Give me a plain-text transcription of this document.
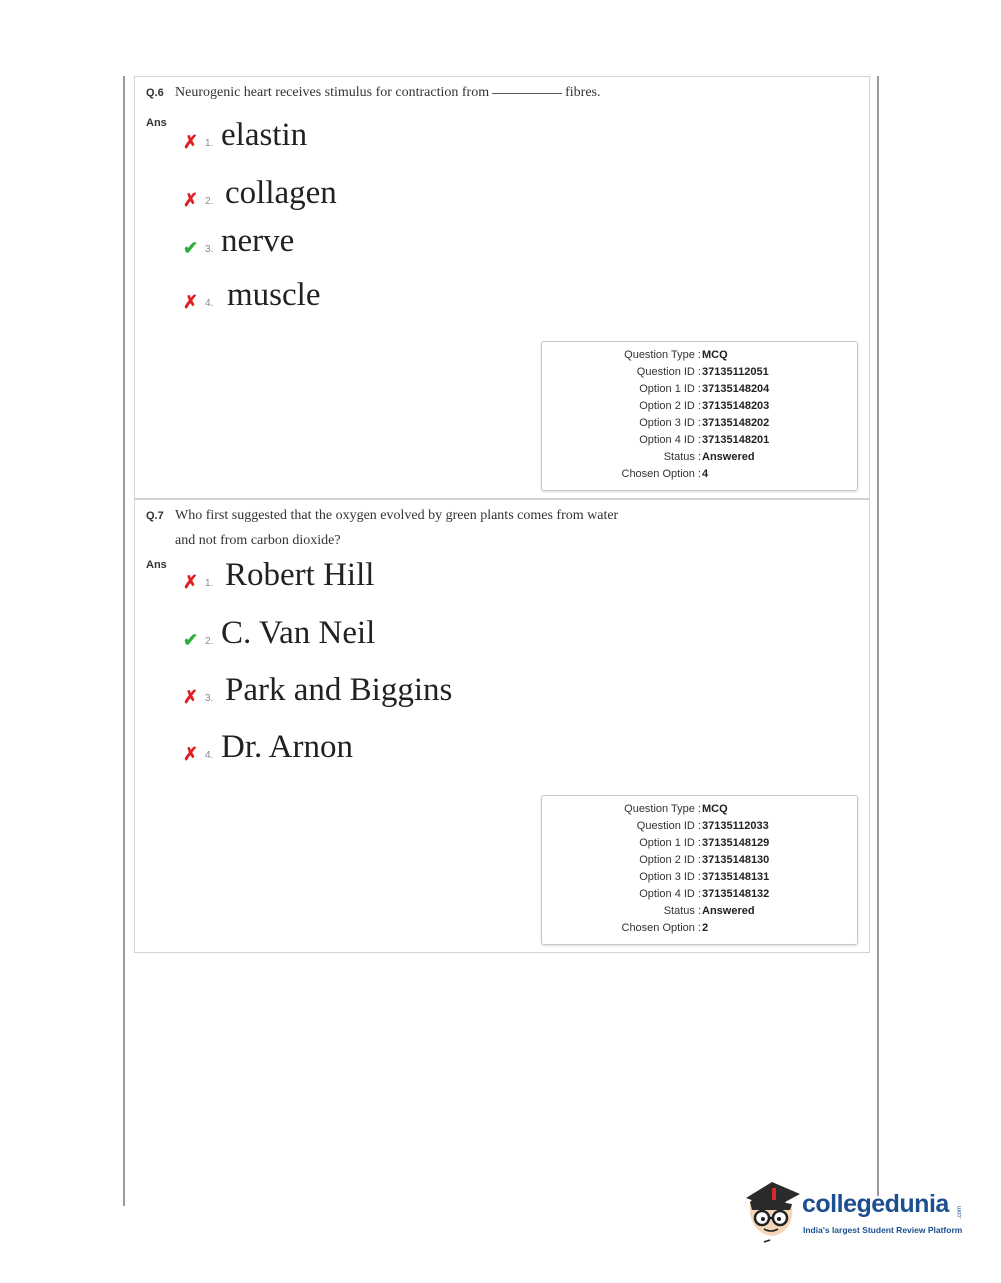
Q.6 Neurogenic heart receives stimulus for contraction from	fibres.
Ans
✗ 1. elastin
✗ 2. collagen
✔ 3. nerve
✗ 4. muscle
Question Type : MCQ
Question ID : 37135112051
Option 1 ID : 37135148204
Option 2 ID : 37135148203
Option 3 ID : 37135148202
Option 4 ID : 37135148201
Status : Answered
Chosen Option : 4
Q.7 Who first suggested that the oxygen evolved by green plants comes from water
and not from carbon dioxide?
Ans
✗ 1. Robert Hill
✔ 2. C. Van Neil
✗ 3. Park and Biggins
✗ 4. Dr. Arnon
Question Type : MCQ
Question ID : 37135112033
Option 1 ID : 37135148129
Option 2 ID : 37135148130
Option 3 ID : 37135148131
Option 4 ID : 37135148132
Status : Answered
Chosen Option : 2
collegedunia .com
India's largest Student Review Platform
